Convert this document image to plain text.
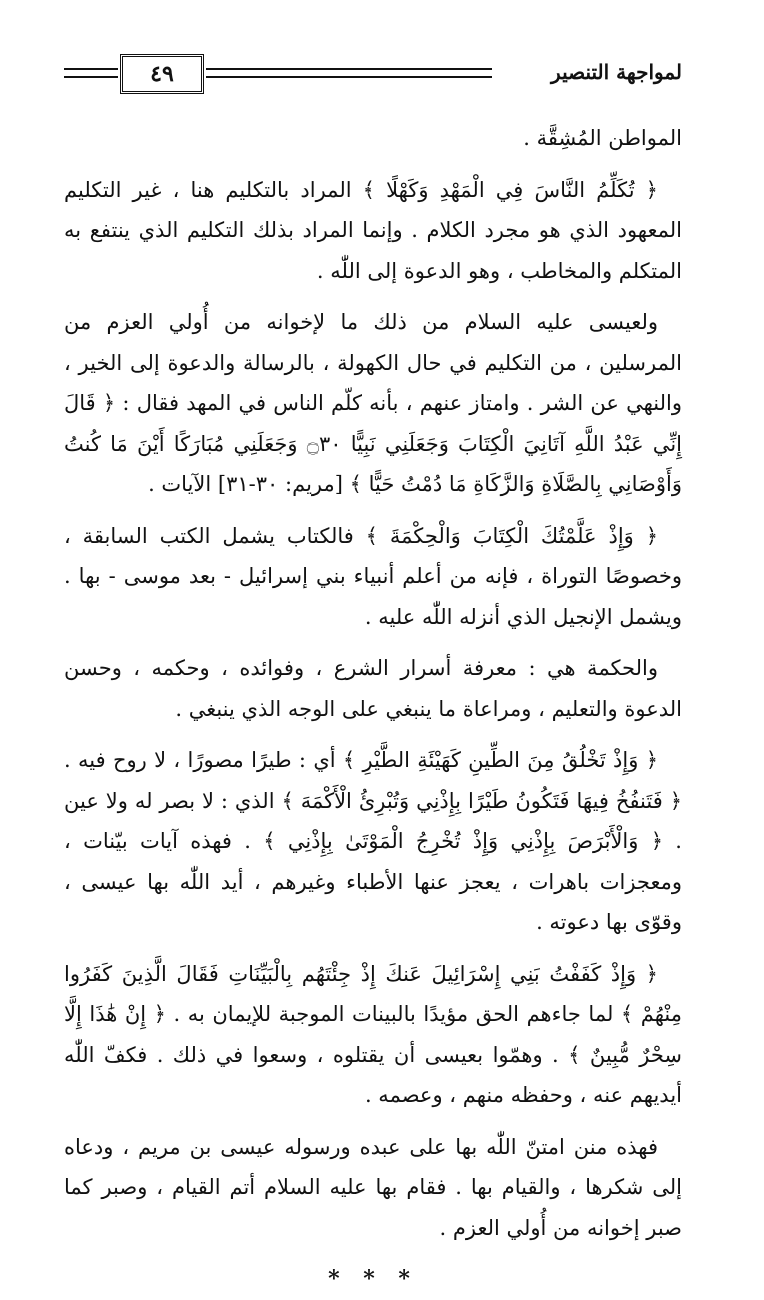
٤٩	لمواجهة التنصير

المواطن المُشِقَّة .

﴿ تُكَلِّمُ النَّاسَ فِي الْمَهْدِ وَكَهْلًا ﴾ المراد بالتكليم هنا ، غير التكليم المعهود الذي هو مجرد الكلام . وإنما المراد بذلك التكليم الذي ينتفع به المتكلم والمخاطب ، وهو الدعوة إلى اللّٰه .

ولعيسى عليه السلام من ذلك ما لإخوانه من أُولي العزم من المرسلين ، من التكليم في حال الكهولة ، بالرسالة والدعوة إلى الخير ، والنهي عن الشر . وامتاز عنهم ، بأنه كلّم الناس في المهد فقال : ﴿ قَالَ إِنِّي عَبْدُ اللَّهِ آتَانِيَ الْكِتَابَ وَجَعَلَنِي نَبِيًّا ۝٣٠ وَجَعَلَنِي مُبَارَكًا أَيْنَ مَا كُنتُ وَأَوْصَانِي بِالصَّلَاةِ وَالزَّكَاةِ مَا دُمْتُ حَيًّا ﴾ [مريم: ٣٠-٣١] الآيات .

﴿ وَإِذْ عَلَّمْتُكَ الْكِتَابَ وَالْحِكْمَةَ ﴾ فالكتاب يشمل الكتب السابقة ، وخصوصًا التوراة ، فإنه من أعلم أنبياء بني إسرائيل - بعد موسى - بها . ويشمل الإنجيل الذي أنزله اللّٰه عليه .

والحكمة هي : معرفة أسرار الشرع ، وفوائده ، وحكمه ، وحسن الدعوة والتعليم ، ومراعاة ما ينبغي على الوجه الذي ينبغي .

﴿ وَإِذْ تَخْلُقُ مِنَ الطِّينِ كَهَيْئَةِ الطَّيْرِ ﴾ أي : طيرًا مصورًا ، لا روح فيه . ﴿ فَتَنفُخُ فِيهَا فَتَكُونُ طَيْرًا بِإِذْنِي وَتُبْرِئُ الْأَكْمَهَ ﴾ الذي : لا بصر له ولا عين . ﴿ وَالْأَبْرَصَ بِإِذْنِي وَإِذْ تُخْرِجُ الْمَوْتَىٰ بِإِذْنِي ﴾ . فهذه آيات بيّنات ، ومعجزات باهرات ، يعجز عنها الأطباء وغيرهم ، أيد اللّٰه بها عيسى ، وقوّى بها دعوته .

﴿ وَإِذْ كَفَفْتُ بَنِي إِسْرَائِيلَ عَنكَ إِذْ جِئْتَهُم بِالْبَيِّنَاتِ فَقَالَ الَّذِينَ كَفَرُوا مِنْهُمْ ﴾ لما جاءهم الحق مؤيدًا بالبينات الموجبة للإيمان به . ﴿ إِنْ هَٰذَا إِلَّا سِحْرٌ مُّبِينٌ ﴾ . وهمّوا بعيسى أن يقتلوه ، وسعوا في ذلك . فكفّ اللّٰه أيديهم عنه ، وحفظه منهم ، وعصمه .

فهذه منن امتنّ اللّٰه بها على عبده ورسوله عيسى بن مريم ، ودعاه إلى شكرها ، والقيام بها . فقام بها عليه السلام أتم القيام ، وصبر كما صبر إخوانه من أُولي العزم .

* * *
